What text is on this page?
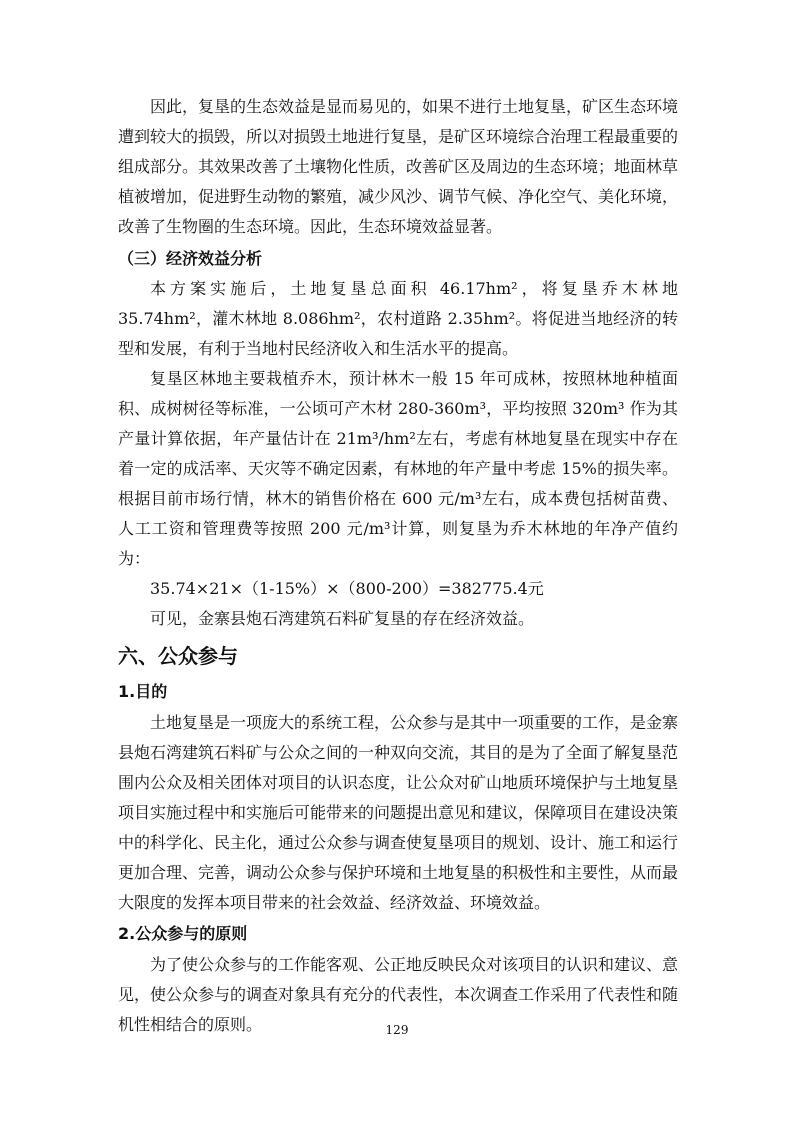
因此，复垦的生态效益是显而易见的，如果不进行土地复垦，矿区生态环境遭到较大的损毁，所以对损毁土地进行复垦，是矿区环境综合治理工程最重要的组成部分。其效果改善了土壤物化性质，改善矿区及周边的生态环境；地面林草植被增加，促进野生动物的繁殖，减少风沙、调节气候、净化空气、美化环境，改善了生物圈的生态环境。因此，生态环境效益显著。

（三）经济效益分析

本方案实施后，土地复垦总面积 46.17hm²，将复垦乔木林地 35.74hm²，灌木林地 8.086hm²，农村道路 2.35hm²。将促进当地经济的转型和发展，有利于当地村民经济收入和生活水平的提高。

复垦区林地主要栽植乔木，预计林木一般 15 年可成林，按照林地种植面积、成树树径等标准，一公顷可产木材 280-360m³，平均按照 320m³ 作为其产量计算依据，年产量估计在 21m³/hm²左右，考虑有林地复垦在现实中存在着一定的成活率、天灾等不确定因素，有林地的年产量中考虑 15%的损失率。根据目前市场行情，林木的销售价格在 600 元/m³左右，成本费包括树苗费、人工工资和管理费等按照 200 元/m³计算，则复垦为乔木林地的年净产值约为：

35.74×21×（1-15%）×（800-200）=382775.4元

可见，金寨县炮石湾建筑石料矿复垦的存在经济效益。

六、公众参与
1.目的

土地复垦是一项庞大的系统工程，公众参与是其中一项重要的工作，是金寨县炮石湾建筑石料矿与公众之间的一种双向交流，其目的是为了全面了解复垦范围内公众及相关团体对项目的认识态度，让公众对矿山地质环境保护与土地复垦项目实施过程中和实施后可能带来的问题提出意见和建议，保障项目在建设决策中的科学化、民主化，通过公众参与调查使复垦项目的规划、设计、施工和运行更加合理、完善，调动公众参与保护环境和土地复垦的积极性和主要性，从而最大限度的发挥本项目带来的社会效益、经济效益、环境效益。

2.公众参与的原则

为了使公众参与的工作能客观、公正地反映民众对该项目的认识和建议、意见，使公众参与的调查对象具有充分的代表性，本次调查工作采用了代表性和随机性相结合的原则。	129
